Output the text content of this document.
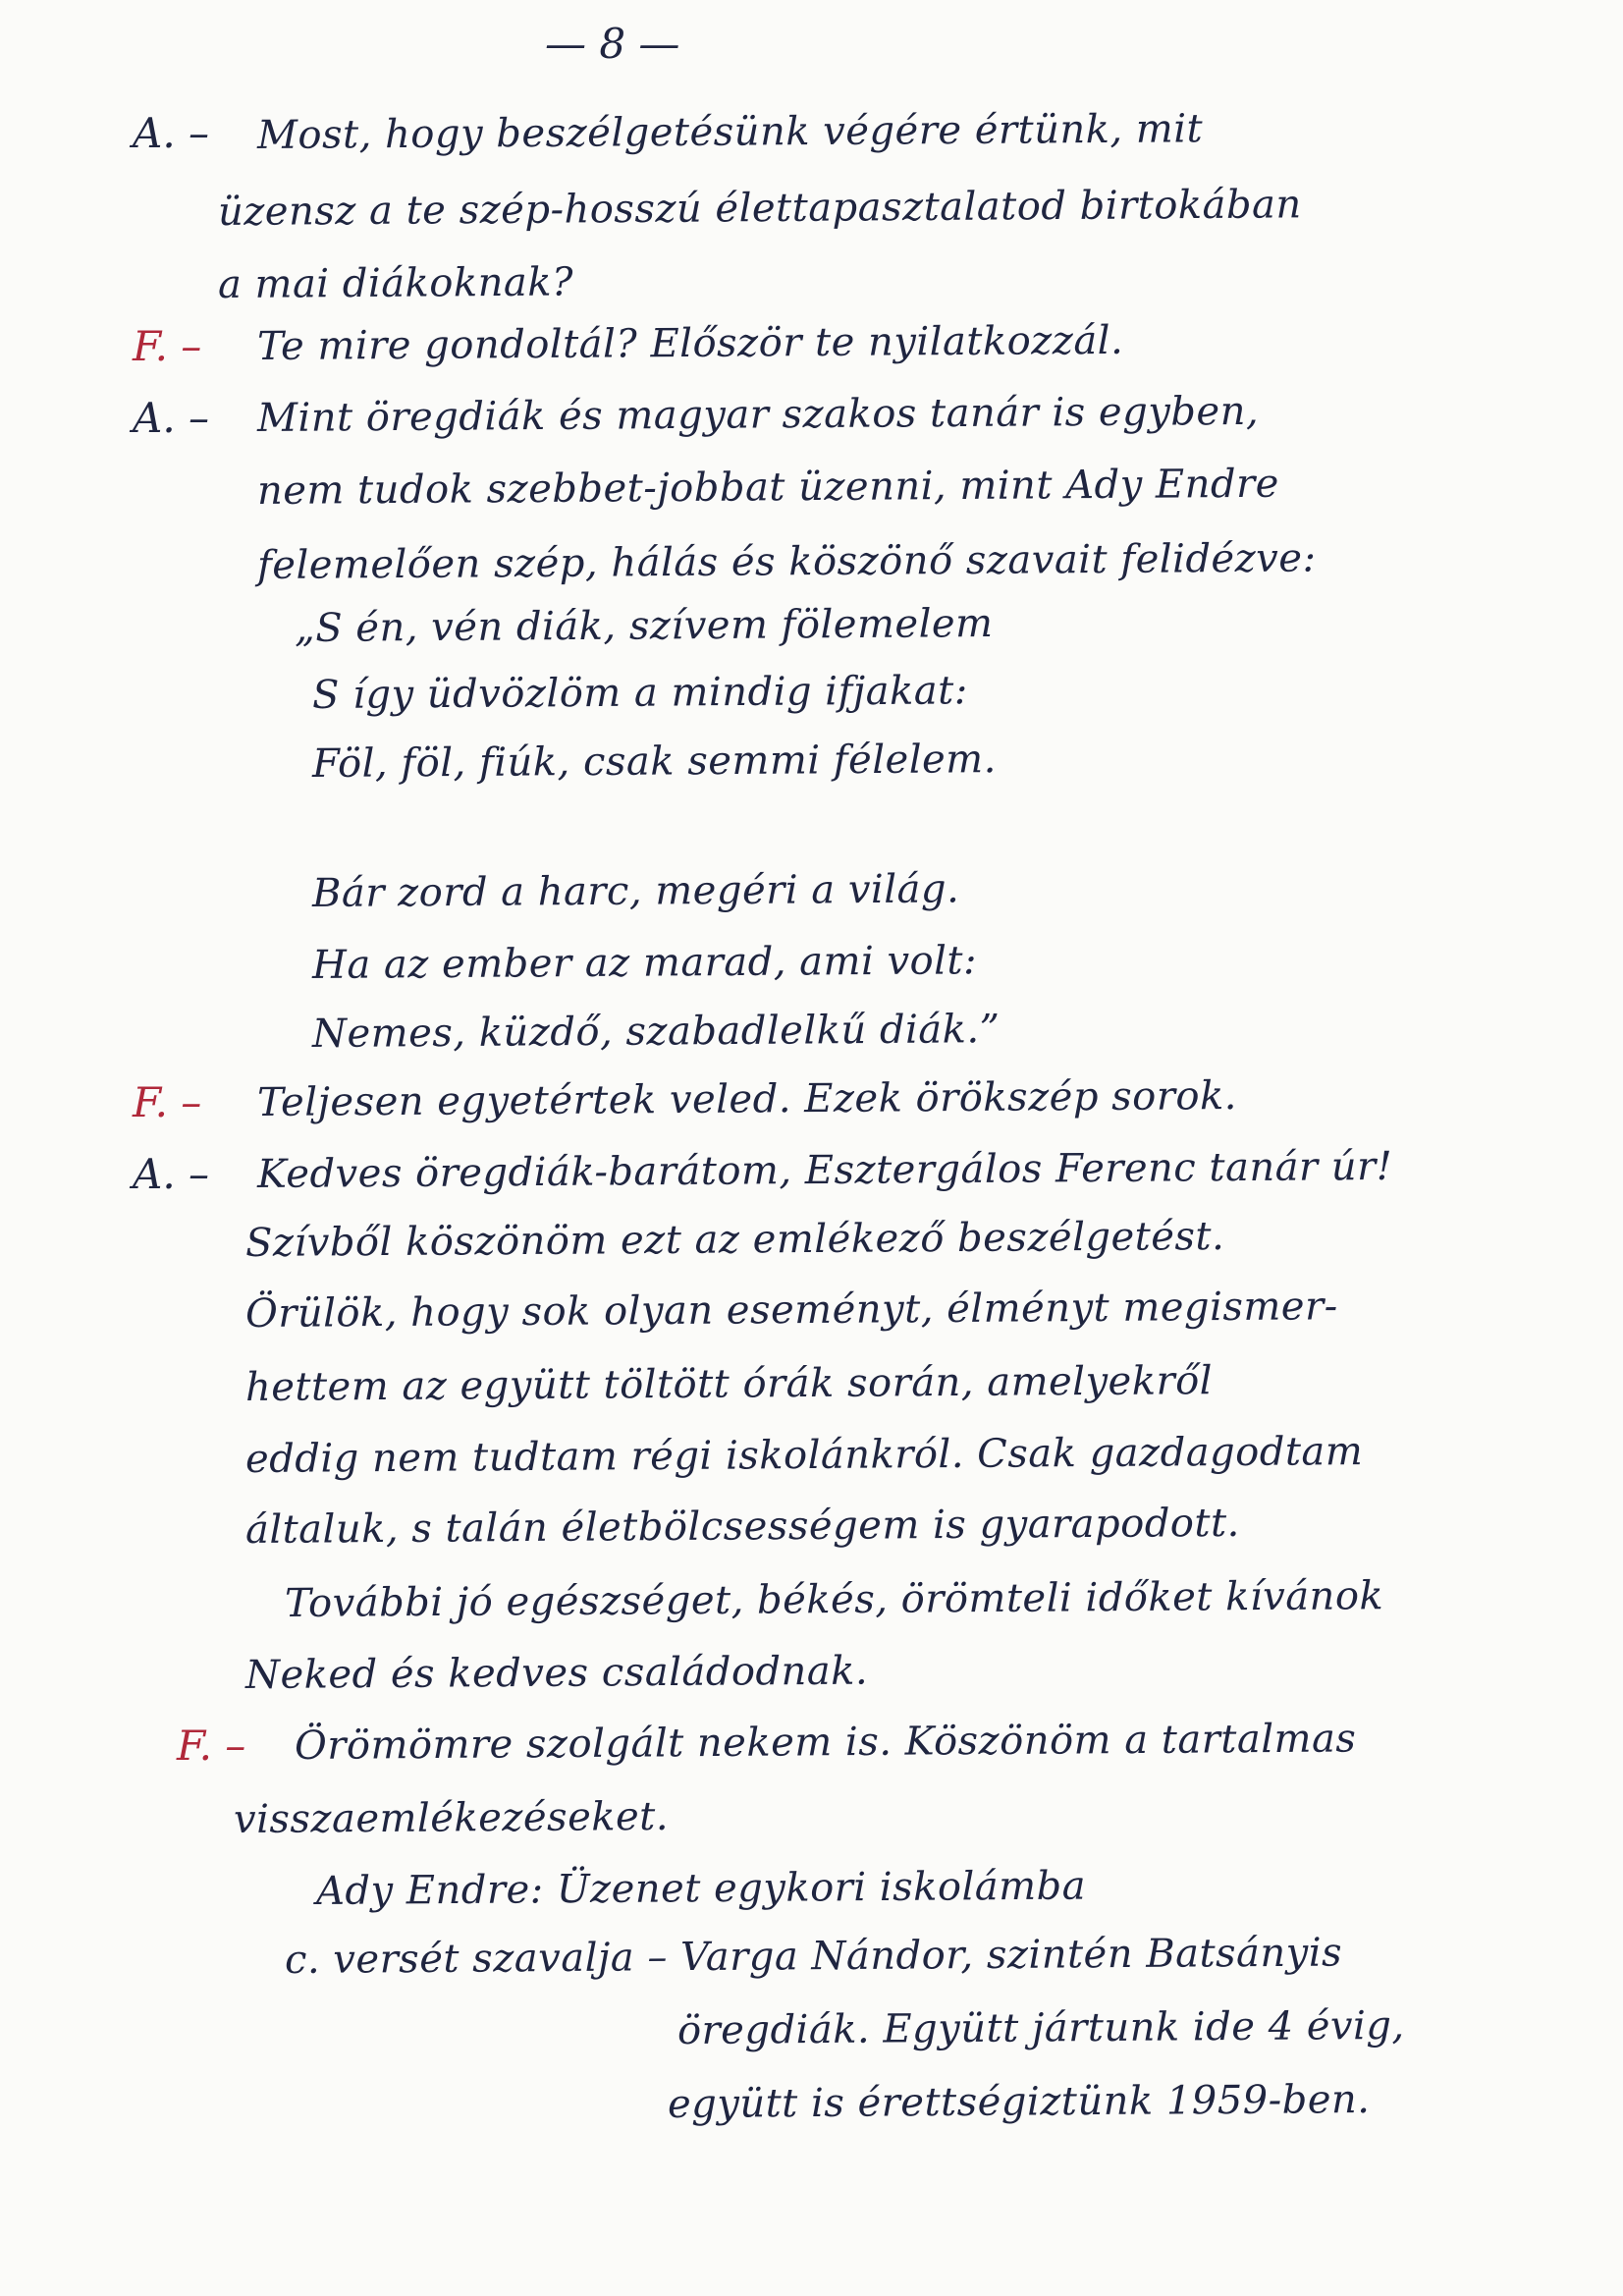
— 8 —
A. – Most, hogy beszélgetésünk végére értünk, mit
üzensz a te szép-hosszú élettapasztalatod birtokában
a mai diákoknak?
F. – Te mire gondoltál? Először te nyilatkozzál.
A. – Mint öregdiák és magyar szakos tanár is egyben,
nem tudok szebbet-jobbat üzenni, mint Ady Endre
felemelően szép, hálás és köszönő szavait felidézve:
„S én, vén diák, szívem fölemelem
S így üdvözlöm a mindig ifjakat:
Föl, föl, fiúk, csak semmi félelem.
Bár zord a harc, megéri a világ.
Ha az ember az marad, ami volt:
Nemes, küzdő, szabadlelkű diák.”
F. – Teljesen egyetértek veled. Ezek örökszép sorok.
A. – Kedves öregdiák-barátom, Esztergálos Ferenc tanár úr!
Szívből köszönöm ezt az emlékező beszélgetést.
Örülök, hogy sok olyan eseményt, élményt megismer-
hettem az együtt töltött órák során, amelyekről
eddig nem tudtam régi iskolánkról. Csak gazdagodtam
általuk, s talán életbölcsességem is gyarapodott.
További jó egészséget, békés, örömteli időket kívánok
Neked és kedves családodnak.
F. – Örömömre szolgált nekem is. Köszönöm a tartalmas
visszaemlékezéseket.
Ady Endre: Üzenet egykori iskolámba
c. versét szavalja – Varga Nándor, szintén Batsányis
öregdiák. Együtt jártunk ide 4 évig,
együtt is érettségiztünk 1959-ben.
